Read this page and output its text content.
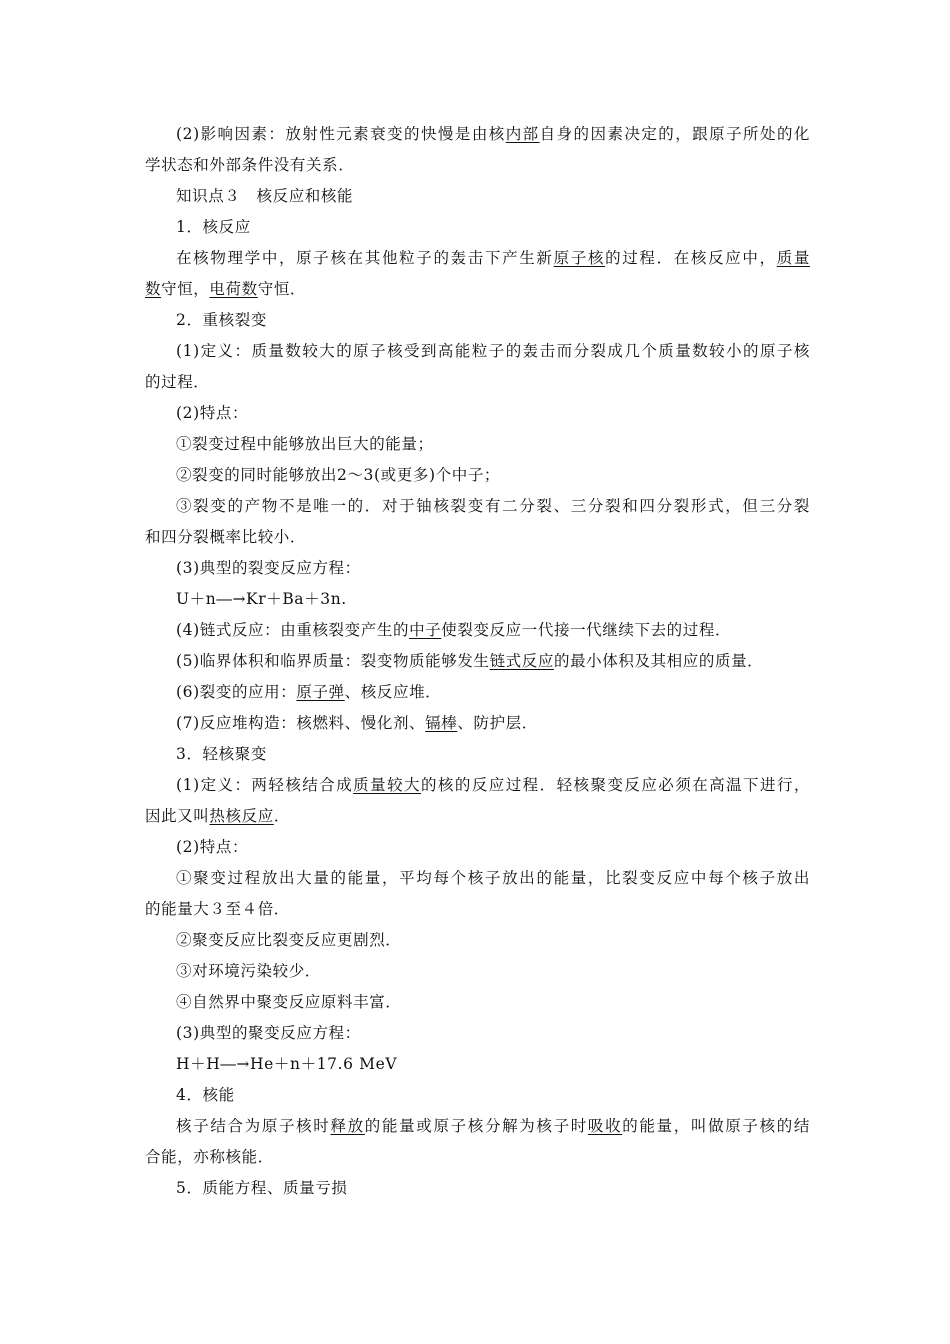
(2)影响因素：放射性元素衰变的快慢是由核内部自身的因素决定的，跟原子所处的化
学状态和外部条件没有关系．
知识点３　核反应和核能
1．核反应
在核物理学中，原子核在其他粒子的轰击下产生新原子核的过程．在核反应中，质量
数守恒，电荷数守恒．
2．重核裂变
(1)定义：质量数较大的原子核受到高能粒子的轰击而分裂成几个质量数较小的原子核
的过程．
(2)特点：
①裂变过程中能够放出巨大的能量；
②裂变的同时能够放出2～3(或更多)个中子；
③裂变的产物不是唯一的．对于铀核裂变有二分裂、三分裂和四分裂形式，但三分裂
和四分裂概率比较小．
(3)典型的裂变反应方程：
U＋n―→Kr＋Ba＋3n.
(4)链式反应：由重核裂变产生的中子使裂变反应一代接一代继续下去的过程．
(5)临界体积和临界质量：裂变物质能够发生链式反应的最小体积及其相应的质量．
(6)裂变的应用：原子弹、核反应堆．
(7)反应堆构造：核燃料、慢化剂、镉棒、防护层．
3．轻核聚变
(1)定义：两轻核结合成质量较大的核的反应过程．轻核聚变反应必须在高温下进行，
因此又叫热核反应．
(2)特点：
①聚变过程放出大量的能量，平均每个核子放出的能量，比裂变反应中每个核子放出
的能量大３至４倍．
②聚变反应比裂变反应更剧烈．
③对环境污染较少．
④自然界中聚变反应原料丰富．
(3)典型的聚变反应方程：
H＋H―→He＋n＋17.6 MeV
4．核能
核子结合为原子核时释放的能量或原子核分解为核子时吸收的能量，叫做原子核的结
合能，亦称核能．
5．质能方程、质量亏损
